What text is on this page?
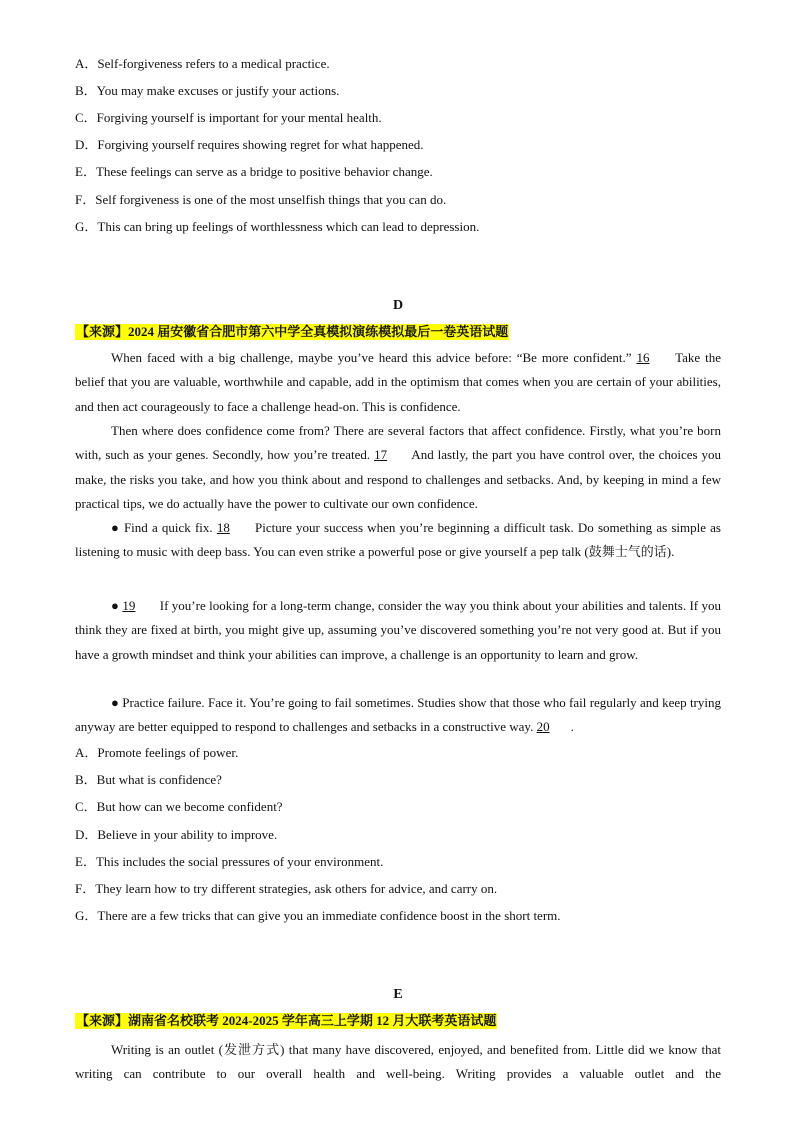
A．Self-forgiveness refers to a medical practice.
B．You may make excuses or justify your actions.
C．Forgiving yourself is important for your mental health.
D．Forgiving yourself requires showing regret for what happened.
E．These feelings can serve as a bridge to positive behavior change.
F．Self forgiveness is one of the most unselfish things that you can do.
G．This can bring up feelings of worthlessness which can lead to depression.
D
【来源】2024 届安徽省合肥市第六中学全真模拟演练模拟最后一卷英语试题

When faced with a big challenge, maybe you’ve heard this advice before: “Be more confident.” 16 Take the belief that you are valuable, worthwhile and capable, add in the optimism that comes when you are certain of your abilities, and then act courageously to face a challenge head-on. This is confidence.

Then where does confidence come from? There are several factors that affect confidence. Firstly, what you’re born with, such as your genes. Secondly, how you’re treated. 17 And lastly, the part you have control over, the choices you make, the risks you take, and how you think about and respond to challenges and setbacks. And, by keeping in mind a few practical tips, we do actually have the power to cultivate our own confidence.

● Find a quick fix. 18 Picture your success when you’re beginning a difficult task. Do something as simple as listening to music with deep bass. You can even strike a powerful pose or give yourself a pep talk (鼓舞士气的话).

● 19 If you’re looking for a long-term change, consider the way you think about your abilities and talents. If you think they are fixed at birth, you might give up, assuming you’ve discovered something you’re not very good at. But if you have a growth mindset and think your abilities can improve, a challenge is an opportunity to learn and grow.

● Practice failure. Face it. You’re going to fail sometimes. Studies show that those who fail regularly and keep trying anyway are better equipped to respond to challenges and setbacks in a constructive way. 20.

A．Promote feelings of power.
B．But what is confidence?
C．But how can we become confident?
D．Believe in your ability to improve.
E．This includes the social pressures of your environment.
F．They learn how to try different strategies, ask others for advice, and carry on.
G．There are a few tricks that can give you an immediate confidence boost in the short term.
E
【来源】湖南省名校联考 2024-2025 学年高三上学期 12 月大联考英语试题

Writing is an outlet (发泄方式) that many have discovered, enjoyed, and benefited from. Little did we know that writing can contribute to our overall health and well-being. Writing provides a valuable outlet and the
